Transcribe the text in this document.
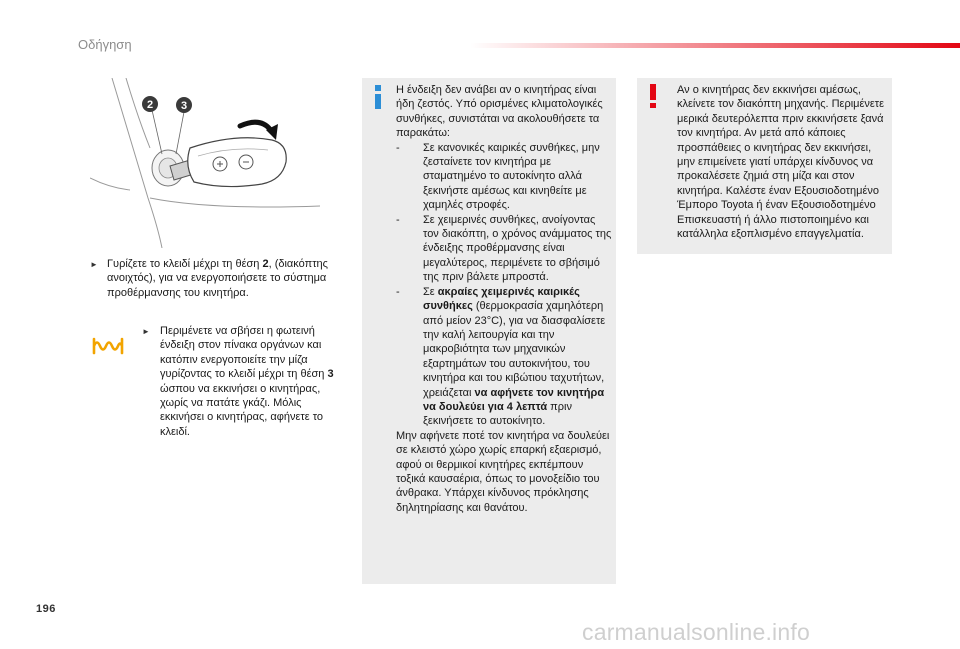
Οδήγηση
2	3
► Γυρίζετε το κλειδί μέχρι τη θέση 2, (διακόπτης ανοιχτός), για να ενεργοποιήσετε το σύστημα προθέρμανσης του κινητήρα.
► Περιμένετε να σβήσει η φωτεινή ένδειξη στον πίνακα οργάνων και κατόπιν ενεργοποιείτε την μίζα γυρίζοντας το κλειδί μέχρι τη θέση 3 ώσπου να εκκινήσει ο κινητήρας, χωρίς να πατάτε γκάζι. Μόλις εκκινήσει ο κινητήρας, αφήνετε το κλειδί.

Η ένδειξη δεν ανάβει αν ο κινητήρας είναι ήδη ζεστός. Υπό ορισμένες κλιματολογικές συνθήκες, συνιστάται να ακολουθήσετε τα παρακάτω:

- Σε κανονικές καιρικές συνθήκες, μην ζεσταίνετε τον κινητήρα με σταματημένο το αυτοκίνητο αλλά ξεκινήστε αμέσως και κινηθείτε με χαμηλές στροφές.
- Σε χειμερινές συνθήκες, ανοίγοντας τον διακόπτη, ο χρόνος ανάμματος της ένδειξης προθέρμανσης είναι μεγαλύτερος, περιμένετε το σβήσιμό της πριν βάλετε μπροστά.
- Σε ακραίες χειμερινές καιρικές συνθήκες (θερμοκρασία χαμηλότερη από μείον 23°C), για να διασφαλίσετε την καλή λειτουργία και την μακροβιότητα των μηχανικών εξαρτημάτων του αυτοκινήτου, του κινητήρα και του κιβώτιου ταχυτήτων, χρειάζεται να αφήνετε τον κινητήρα να δουλεύει για 4 λεπτά πριν ξεκινήσετε το αυτοκίνητο.

Μην αφήνετε ποτέ τον κινητήρα να δουλεύει σε κλειστό χώρο χωρίς επαρκή εξαερισμό, αφού οι θερμικοί κινητήρες εκπέμπουν τοξικά καυσαέρια, όπως το μονοξείδιο του άνθρακα. Υπάρχει κίνδυνος πρόκλησης δηλητηρίασης και θανάτου.

Αν ο κινητήρας δεν εκκινήσει αμέσως, κλείνετε τον διακόπτη μηχανής. Περιμένετε μερικά δευτερόλεπτα πριν εκκινήσετε ξανά τον κινητήρα. Αν μετά από κάποιες προσπάθειες ο κινητήρας δεν εκκινήσει, μην επιμείνετε γιατί υπάρχει κίνδυνος να προκαλέσετε ζημιά στη μίζα και στον κινητήρα. Καλέστε έναν Εξουσιοδοτημένο Έμπορο Toyota ή έναν Εξουσιοδοτημένο Επισκευαστή ή άλλο πιστοποιημένο και κατάλληλα εξοπλισμένο επαγγελματία.
196
carmanualsonline.info
